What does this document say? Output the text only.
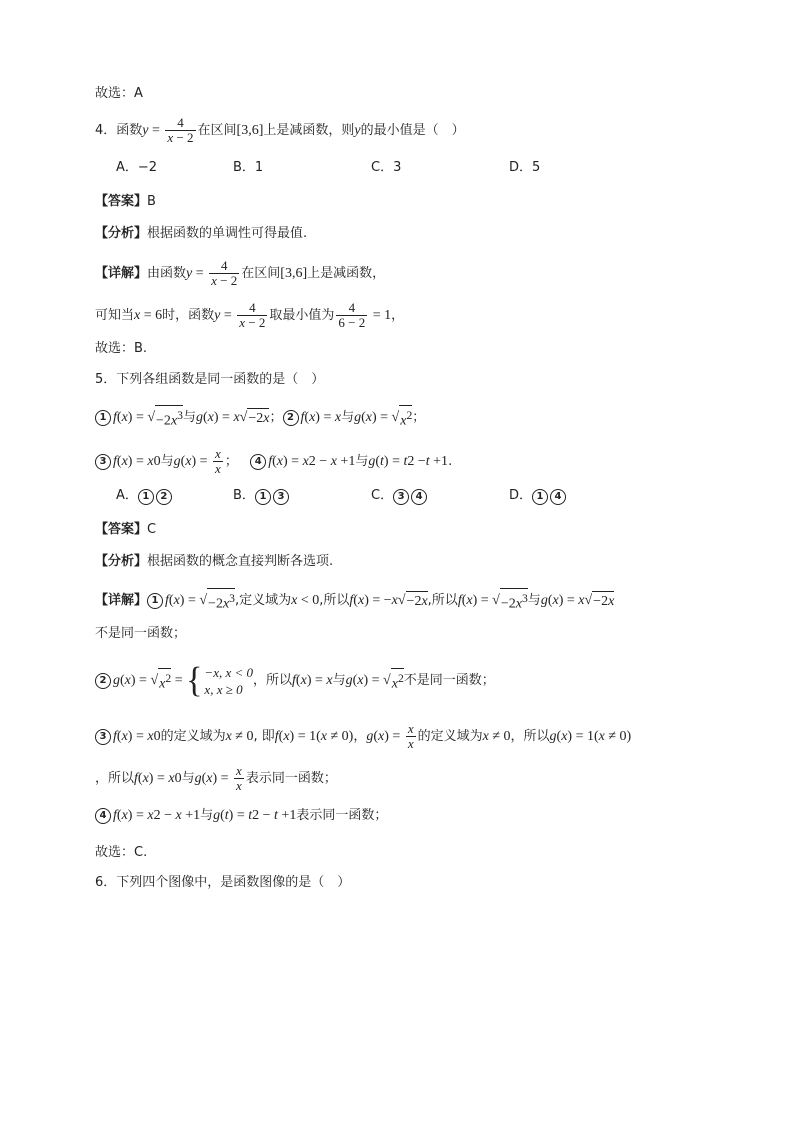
故选：A
4．函数 $y = \frac{4}{x - 2}$ 在区间 [3,6] 上是减函数，则 y 的最小值是（　）
A．−2	B．1	C．3	D．5
【答案】 B
【分析】 根据函数的单调性可得最值.
【详解】 由函数 $y = \frac{4}{x - 2}$ 在区间 [3,6] 上是减函数，
可知当 x = 6 时，函数 $y = \frac{4}{x - 2}$ 取最小值为 $\frac{4}{6 - 2} = 1$ ，
故选：B.
5．下列各组函数是同一函数的是（　）
1 f ( x ) = √ $-2x^3$ 与 g ( x ) = x √ −2x ； 2 f ( x ) = x 与 g ( x ) = √ $x^2$ ；
3 f ( x ) = x 0 与 g ( x ) = $\frac{x}{x}$ ；
	4 f ( x ) = x 2 − x +1 与 g ( t ) = t 2 − t +1 .
A． 1 2	B． 1 3	C． 3 4	D． 1 4
【答案】 C
【分析】 根据函数的概念直接判断各选项.
【详解】 1 f ( x ) = √ $-2x^3$ ,定义域为 x < 0 ,所以 f ( x ) = − x √ −2x ,所以 f ( x ) = √ $-2x^3$ 与 g ( x ) = x √ −2x
不是同一函数；
2 g ( x ) = √ $x^2$ = { −x, x < 0
x, x ≥ 0
，所以 f ( x ) = x 与 g ( x ) = √ $x^2$ 不是同一函数；
3 f ( x ) = x 0 的定义域为 x ≠ 0 , 即 f ( x ) = 1( x ≠ 0) ， g ( x ) = $\frac{x}{x}$ 的定义域为 x ≠ 0 ，所以 g ( x ) = 1( x ≠ 0)
，所以 f ( x ) = x 0 与 g ( x ) = $\frac{x}{x}$ 表示同一函数；
4 f ( x ) = x 2 − x +1 与 g ( t ) = t 2 − t +1 表示同一函数；
故选：C.
6．下列四个图像中，是函数图像的是（　）
